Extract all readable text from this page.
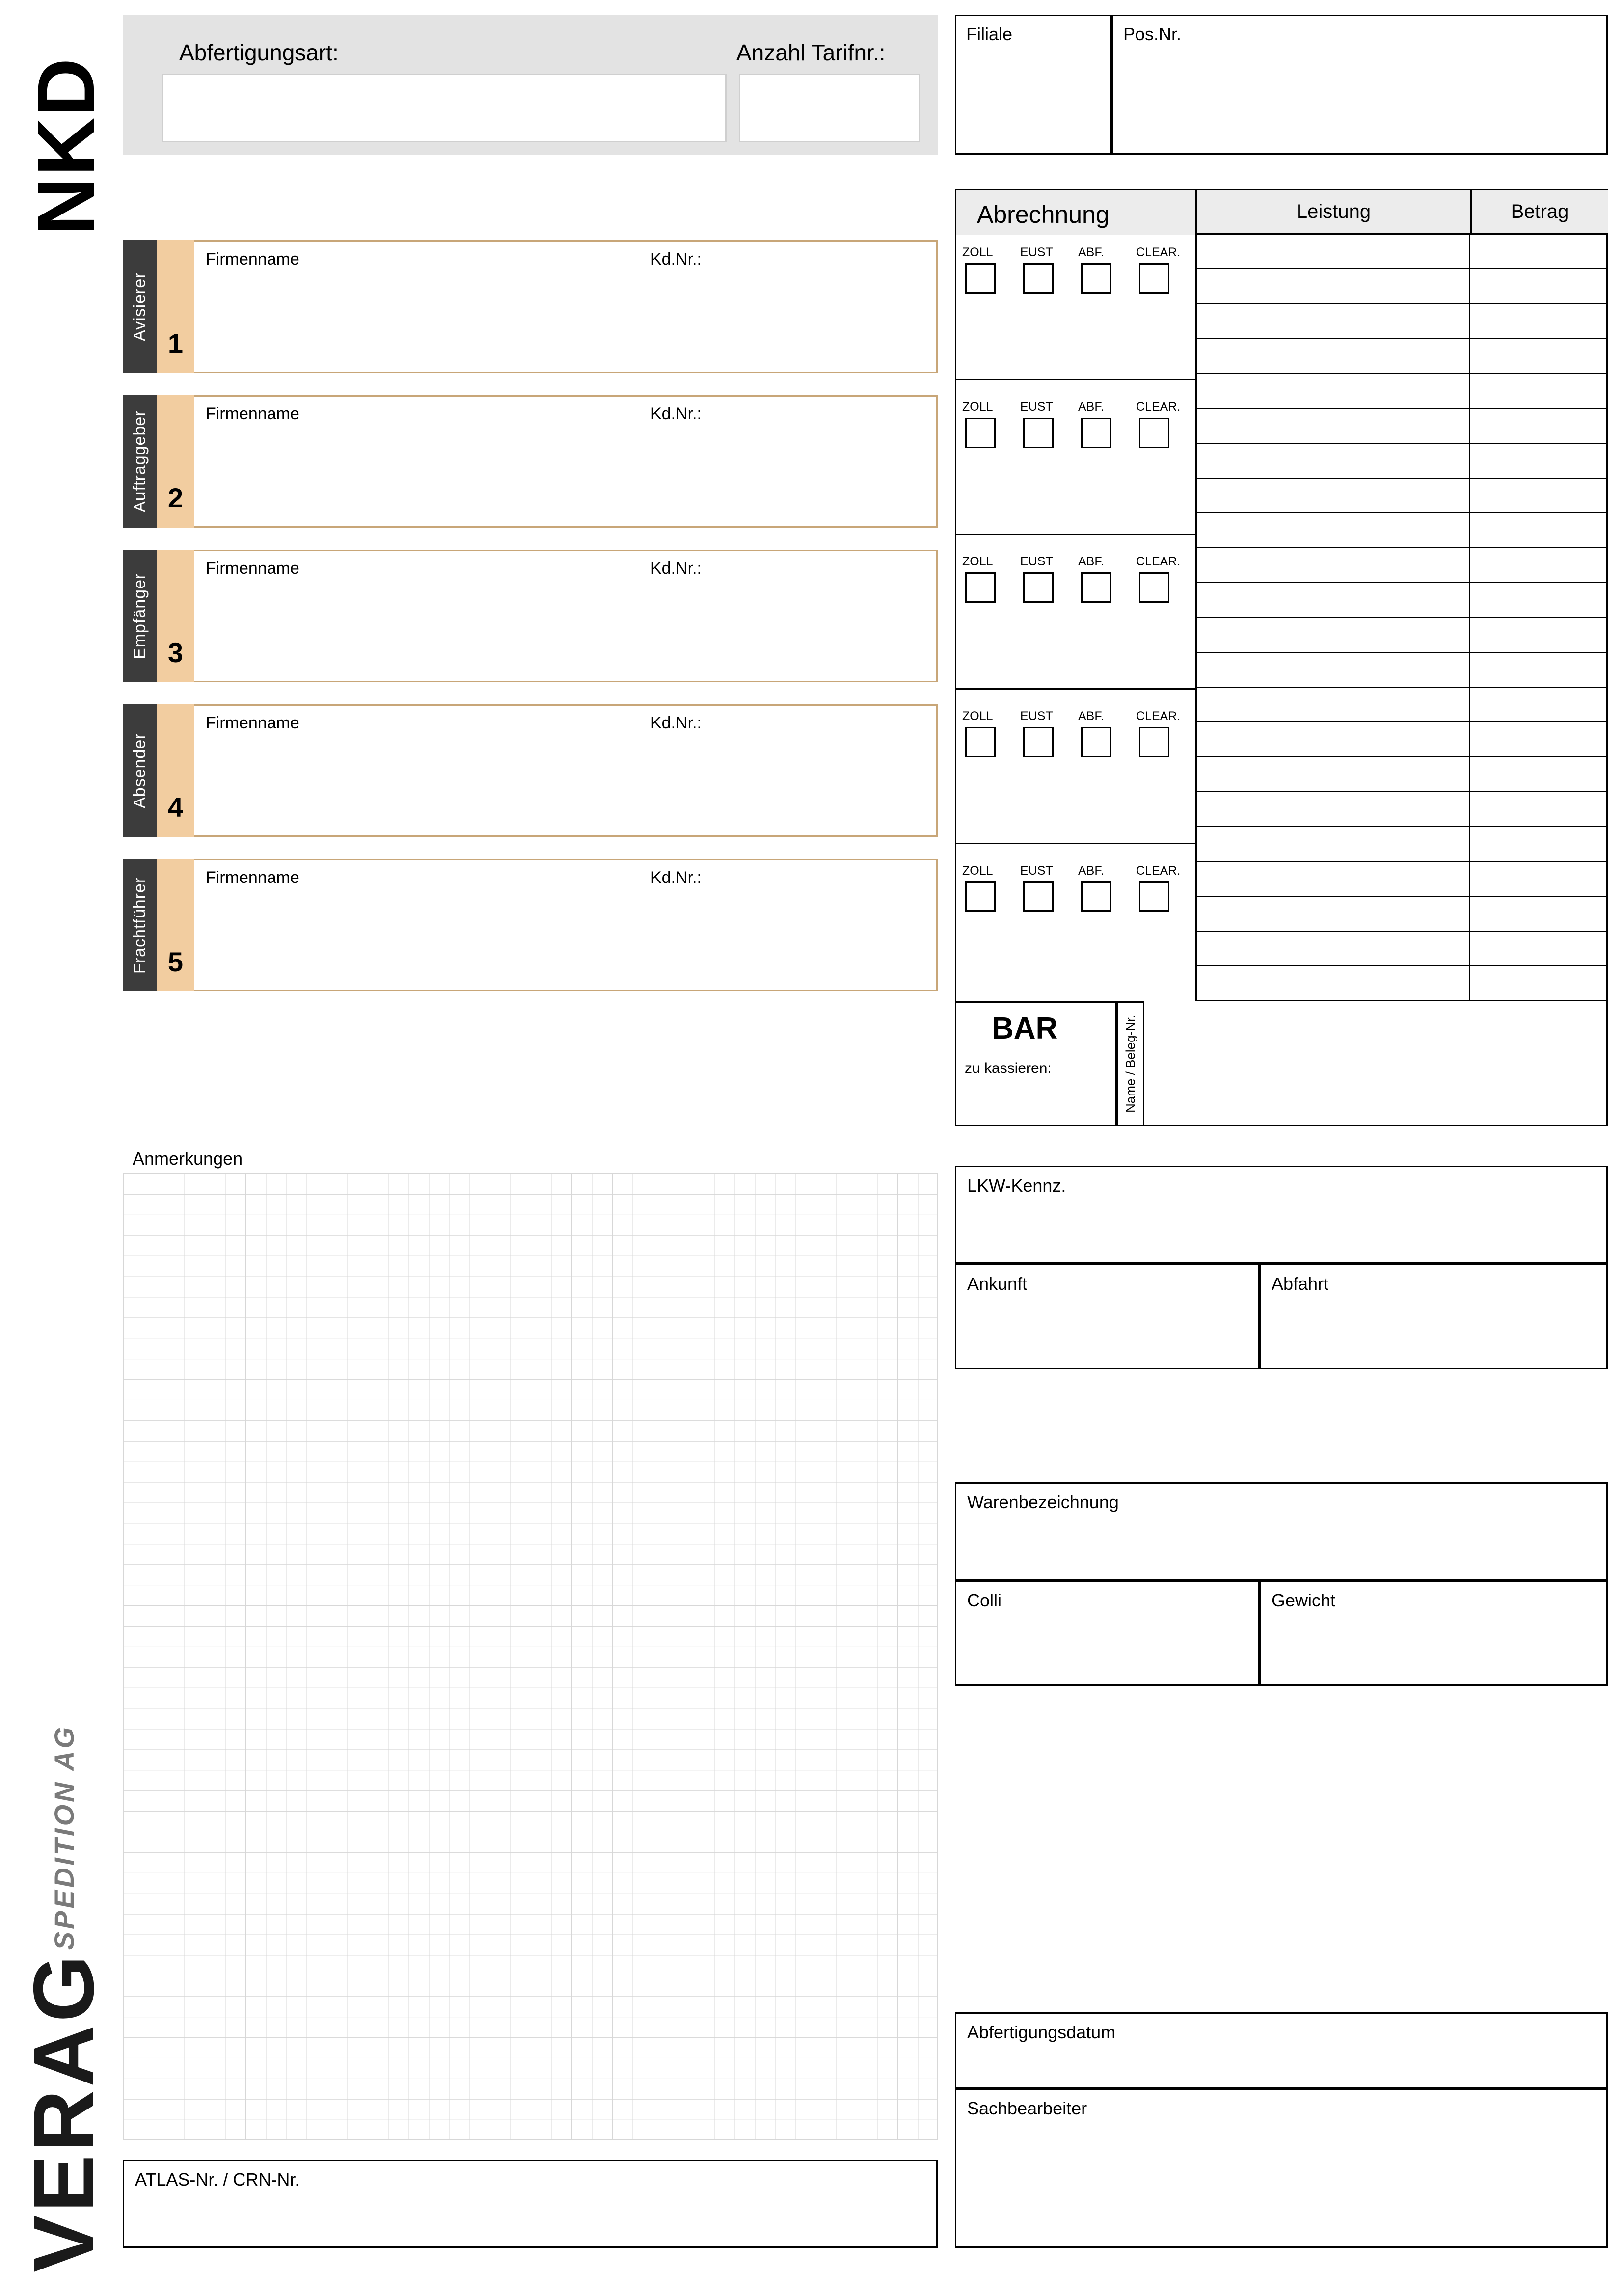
NKD
VERAG SPEDITION AG
Abfertigungsart:	Anzahl Tarifnr.:
Filiale	Pos.Nr.
Abrechnung	Leistung	Betrag
Avisierer
1
Firmenname	Kd.Nr.:
Auftraggeber 2
Firmenname	Kd.Nr.:
Empfänger 3
Firmenname	Kd.Nr.:
Absender 4
Firmenname	Kd.Nr.:
Frachtführer 5
Firmenname	Kd.Nr.:
BAR
zu kassieren:	Name / Beleg-Nr.
Anmerkungen
ATLAS-Nr. / CRN-Nr.
LKW-Kennz.
Ankunft	Abfahrt
Warenbezeichnung
Colli	Gewicht
Abfertigungsdatum
Sachbearbeiter
ZOLL EUST ABF.	CLEAR.
ZOLL EUST ABF.	CLEAR.
ZOLL EUST ABF.	CLEAR.
ZOLL EUST ABF.	CLEAR.
ZOLL EUST ABF.	CLEAR.
